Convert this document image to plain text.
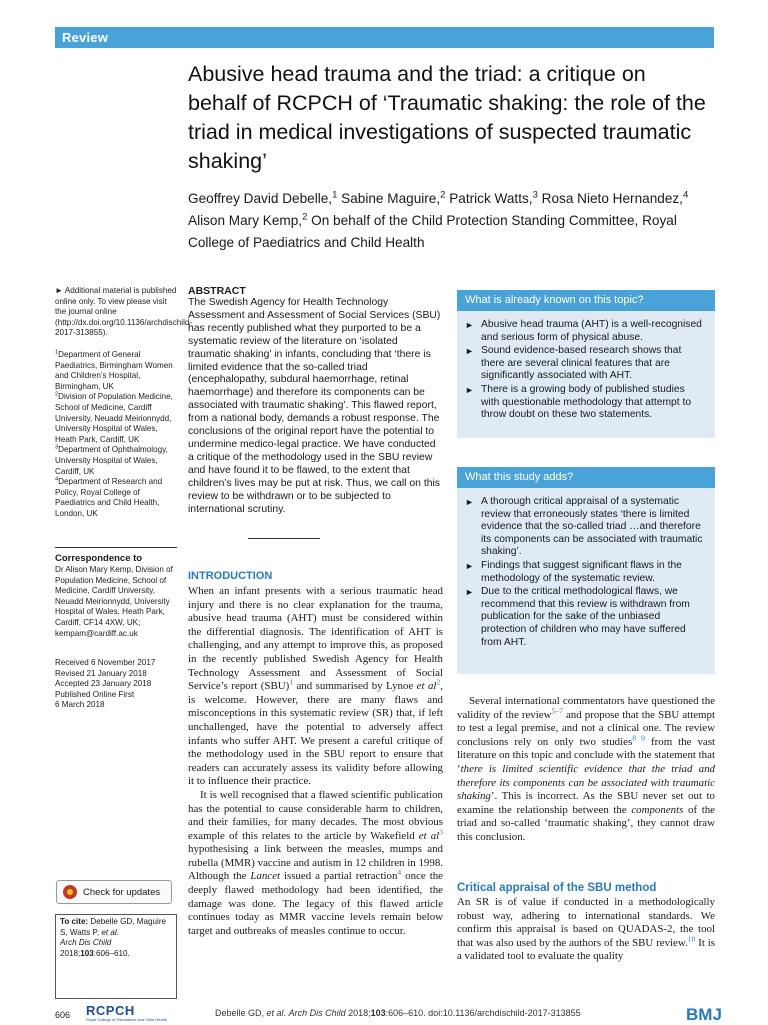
Review
Abusive head trauma and the triad: a critique on behalf of RCPCH of ‘Traumatic shaking: the role of the triad in medical investigations of suspected traumatic shaking’
Geoffrey David Debelle,$^1$ Sabine Maguire,$^2$ Patrick Watts,$^3$ Rosa Nieto Hernandez,$^4$
Alison Mary Kemp,$^2$ On behalf of the Child Protection Standing Committee, Royal College of Paediatrics and Child Health
► Additional material is published online only. To view please visit the journal online (http://dx.doi.org/10.1136/archdischild-2017-313855).
$^1$Department of General Paediatrics, Birmingham Women and Children’s Hospital, Birmingham, UK
$^2$Division of Population Medicine, School of Medicine, Cardiff University, Neuadd Meirionnydd, University Hospital of Wales, Heath Park, Cardiff, UK
$^3$Department of Ophthalmology, University Hospital of Wales, Cardiff, UK
$^4$Department of Research and Policy, Royal College of Paediatrics and Child Health, London, UK
Correspondence to
Dr Alison Mary Kemp, Division of Population Medicine, School of Medicine, Cardiff University, Neuadd Meirionnydd, University Hospital of Wales, Heath Park, Cardiff, CF14 4XW, UK; kempam@cardiff.ac.uk
Received 6 November 2017
Revised 21 January 2018
Accepted 23 January 2018
Published Online First
6 March 2018
Check for updates
To cite: Debelle GD, Maguire S, Watts P, et al.
Arch Dis Child
2018;103:606–610.
ABSTRACT
The Swedish Agency for Health Technology Assessment and Assessment of Social Services (SBU) has recently published what they purported to be a systematic review of the literature on ‘isolated traumatic shaking’ in infants, concluding that ‘there is limited evidence that the so-called triad (encephalopathy, subdural haemorrhage, retinal haemorrhage) and therefore its components can be associated with traumatic shaking’. This flawed report, from a national body, demands a robust response. The conclusions of the original report have the potential to undermine medico-legal practice. We have conducted a critique of the methodology used in the SBU review and have found it to be flawed, to the extent that children’s lives may be put at risk. Thus, we call on this review to be withdrawn or to be subjected to international scrutiny.
INTRODUCTION

When an infant presents with a serious traumatic head injury and there is no clear explanation for the trauma, abusive head trauma (AHT) must be considered within the differential diagnosis. The identification of AHT is challenging, and any attempt to improve this, as proposed in the recently published Swedish Agency for Health Technology Assessment and Assessment of Social Service’s report (SBU)$^1$ and summarised by Lynoe et $al^2$, is welcome. However, there are many flaws and misconceptions in this systematic review (SR) that, if left unchallenged, have the potential to adversely affect infants who suffer AHT. We present a careful critique of the methodology used in the SBU report to ensure that readers can accurately assess its validity before allowing it to influence their practice.

It is well recognised that a flawed scientific publication has the potential to cause considerable harm to children, and their families, for many decades. The most obvious example of this relates to the article by Wakefield et $al^3$ hypothesising a link between the measles, mumps and rubella (MMR) vaccine and autism in 12 children in 1998. Although the Lancet issued a partial retraction$^4$ once the deeply flawed methodology had been identified, the damage was done. The legacy of this flawed article continues today as MMR vaccine levels remain below target and outbreaks of measles continue to occur.

What is already known on this topic?
► Abusive head trauma (AHT) is a well-recognised and serious form of physical abuse.
► Sound evidence-based research shows that there are several clinical features that are significantly associated with AHT.
► There is a growing body of published studies with questionable methodology that attempt to throw doubt on these two statements.
What this study adds?
► A thorough critical appraisal of a systematic review that erroneously states ‘there is limited evidence that the so-called triad …and therefore its components can be associated with traumatic shaking’.
► Findings that suggest significant flaws in the methodology of the systematic review.
► Due to the critical methodological flaws, we recommend that this review is withdrawn from publication for the sake of the unbiased protection of children who may have suffered from AHT.

Several international commentators have questioned the validity of the review$^{5-7}$ and propose that the SBU attempt to test a legal premise, and not a clinical one. The review conclusions rely on only two studies$^{8 9}$ from the vast literature on this topic and conclude with the statement that ‘there is limited scientific evidence that the triad and therefore its components can be associated with traumatic shaking’. This is incorrect. As the SBU never set out to examine the relationship between the components of the triad and so-called ‘traumatic shaking’, they cannot draw this conclusion.

Critical appraisal of the SBU method
An SR is of value if conducted in a methodologically robust way, adhering to international standards. We confirm this appraisal is based on QUADAS-2, the tool that was also used by the authors of the SBU review.$^{10}$ It is a validated tool to evaluate the quality
606 RCPCH
Royal College of Paediatrics and Child Health
Debelle GD, et al. Arch Dis Child 2018;103:606–610. doi:10.1136/archdischild-2017-313855	BMJ
